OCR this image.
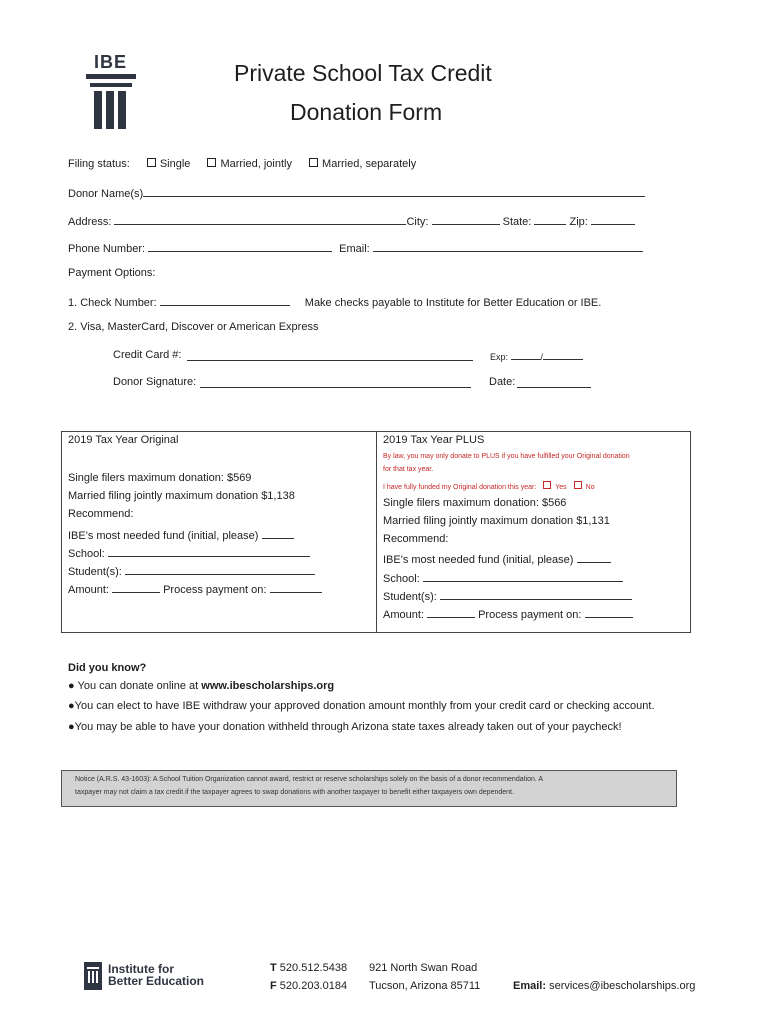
IBE	Private School Tax Credit
Donation Form
Filing status:	Single	Married, jointly	Married, separately
Donor Name(s)
Address:	City:	State:	Zip:
Phone Number:	Email:
Payment Options:
1. Check Number:	Make checks payable to Institute for Better Education or IBE.
2. Visa, MasterCard, Discover or American Express
Credit Card #:	Exp:	/
Donor Signature:	Date:
2019 Tax Year Original
Single filers maximum donation: $569
Married filing jointly maximum donation $1,138
Recommend:
IBE's most needed fund (initial, please)
School:
Student(s):
Amount:	Process payment on:
2019 Tax Year PLUS
By law, you may only donate to PLUS if you have fulfilled your Original donation
for that tax year.
I have fully funded my Original donation this year:	Yes	No
Single filers maximum donation: $566
Married filing jointly maximum donation $1,131
Recommend:
IBE's most needed fund (initial, please)
School:
Student(s):
Amount:	Process payment on:
Did you know?
● You can donate online at www.ibescholarships.org
●You can elect to have IBE withdraw your approved donation amount monthly from your credit card or checking account.
●You may be able to have your donation withheld through Arizona state taxes already taken out of your paycheck!
Notice (A.R.S. 43-1603): A School Tuition Organization cannot award, restrict or reserve scholarships solely on the basis of a donor recommendation. A
taxpayer may not claim a tax credit if the taxpayer agrees to swap donations with another taxpayer to benefit either taxpayers own dependent.
Institute for
Better Education
T 520.512.5438
F 520.203.0184
921 North Swan Road
Tucson, Arizona 85711	Email: services@ibescholarships.org
